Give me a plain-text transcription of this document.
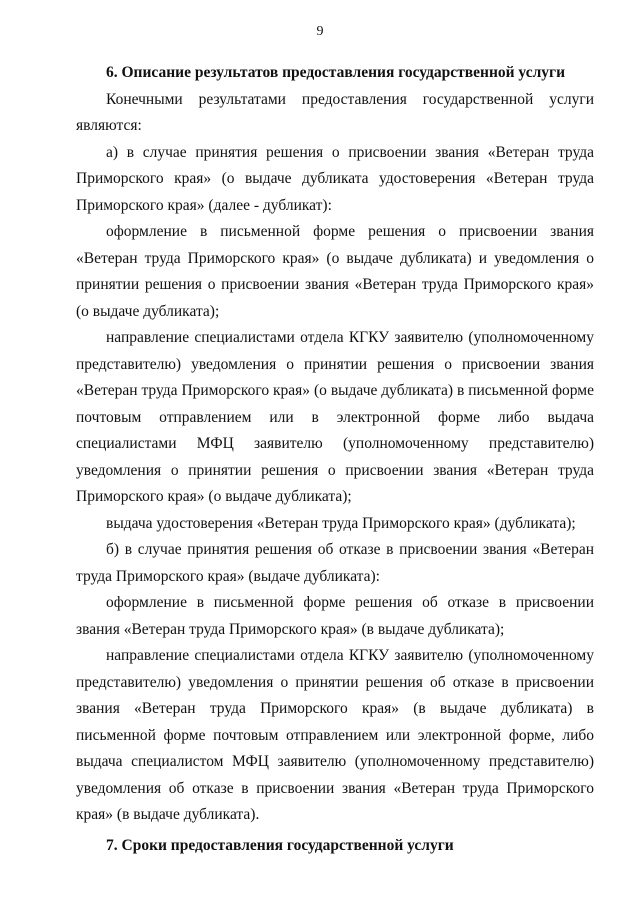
9

6. Описание результатов предоставления государственной услуги

Конечными результатами предоставления государственной услуги являются:

а) в случае принятия решения о присвоении звания «Ветеран труда Приморского края» (о выдаче дубликата удостоверения «Ветеран труда Приморского края» (далее - дубликат):

оформление в письменной форме решения о присвоении звания «Ветеран труда Приморского края» (о выдаче дубликата) и уведомления о принятии решения о присвоении звания «Ветеран труда Приморского края» (о выдаче дубликата);

направление специалистами отдела КГКУ заявителю (уполномоченному представителю) уведомления о принятии решения о присвоении звания «Ветеран труда Приморского края» (о выдаче дубликата) в письменной форме почтовым отправлением или в электронной форме либо выдача специалистами МФЦ заявителю (уполномоченному представителю) уведомления о принятии решения о присвоении звания «Ветеран труда Приморского края» (о выдаче дубликата);

выдача удостоверения «Ветеран труда Приморского края» (дубликата);

б) в случае принятия решения об отказе в присвоении звания «Ветеран труда Приморского края» (выдаче дубликата):

оформление в письменной форме решения об отказе в присвоении звания «Ветеран труда Приморского края» (в выдаче дубликата);

направление специалистами отдела КГКУ заявителю (уполномоченному представителю) уведомления о принятии решения об отказе в присвоении звания «Ветеран труда Приморского края» (в выдаче дубликата) в письменной форме почтовым отправлением или электронной форме, либо выдача специалистом МФЦ заявителю (уполномоченному представителю) уведомления об отказе в присвоении звания «Ветеран труда Приморского края» (в выдаче дубликата).

7. Сроки предоставления государственной услуги
